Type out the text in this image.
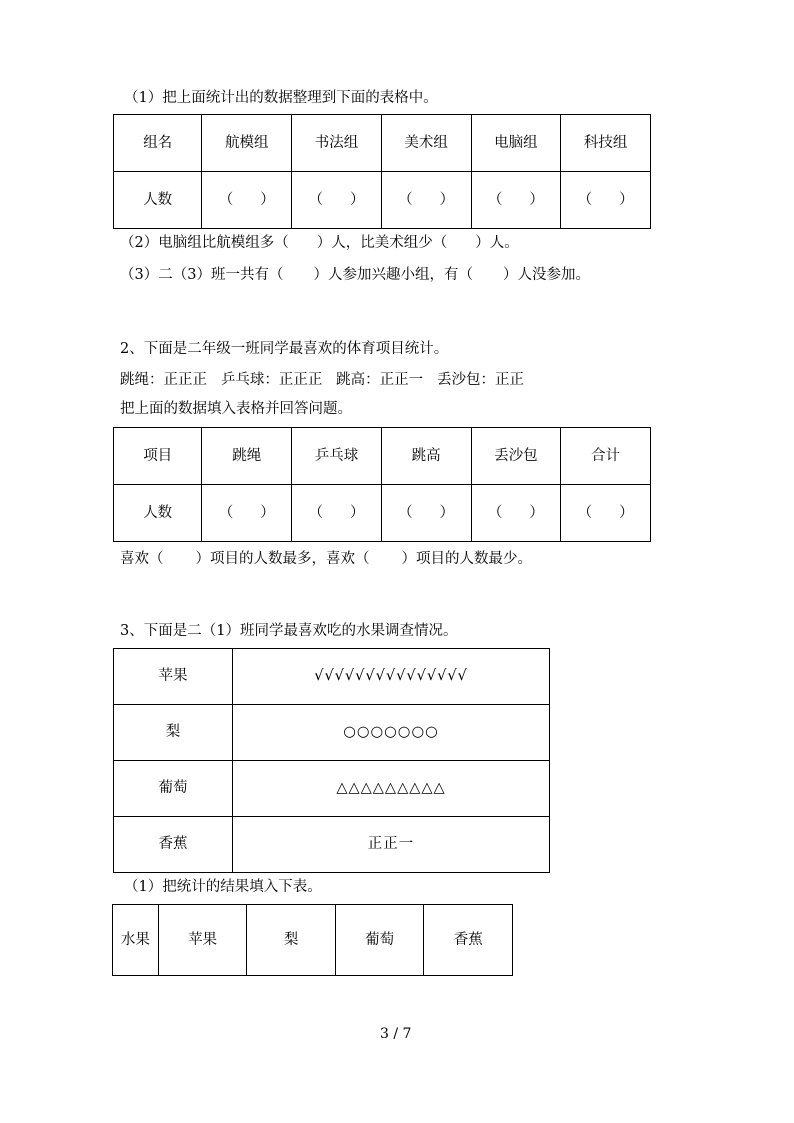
（1）把上面统计出的数据整理到下面的表格中。
组名	航模组	书法组	美术组	电脑组	科技组
人数	（ ）	（ ）	（ ）	（ ）	（ ）
（2）电脑组比航模组多（ ）人，比美术组少（ ）人。
（3）二（3）班一共有（ ）人参加兴趣小组，有（ ）人没参加。
2、下面是二年级一班同学最喜欢的体育项目统计。
跳绳：正正正   乒乓球：正正正   跳高：正正一   丢沙包：正正
把上面的数据填入表格并回答问题。
项目	跳绳	乒乓球	跳高	丢沙包	合计
人数	（ ）	（ ）	（ ）	（ ）	（ ）
喜欢（ ）项目的人数最多，喜欢（ ）项目的人数最少。
3、下面是二（1）班同学最喜欢吃的水果调查情况。
苹果	√√√√√√√√√√√√√√√
梨	○○○○○○○
葡萄	△△△△△△△△△
香蕉	正正一
（1）把统计的结果填入下表。
水果	苹果	梨	葡萄	香蕉
3 / 7
